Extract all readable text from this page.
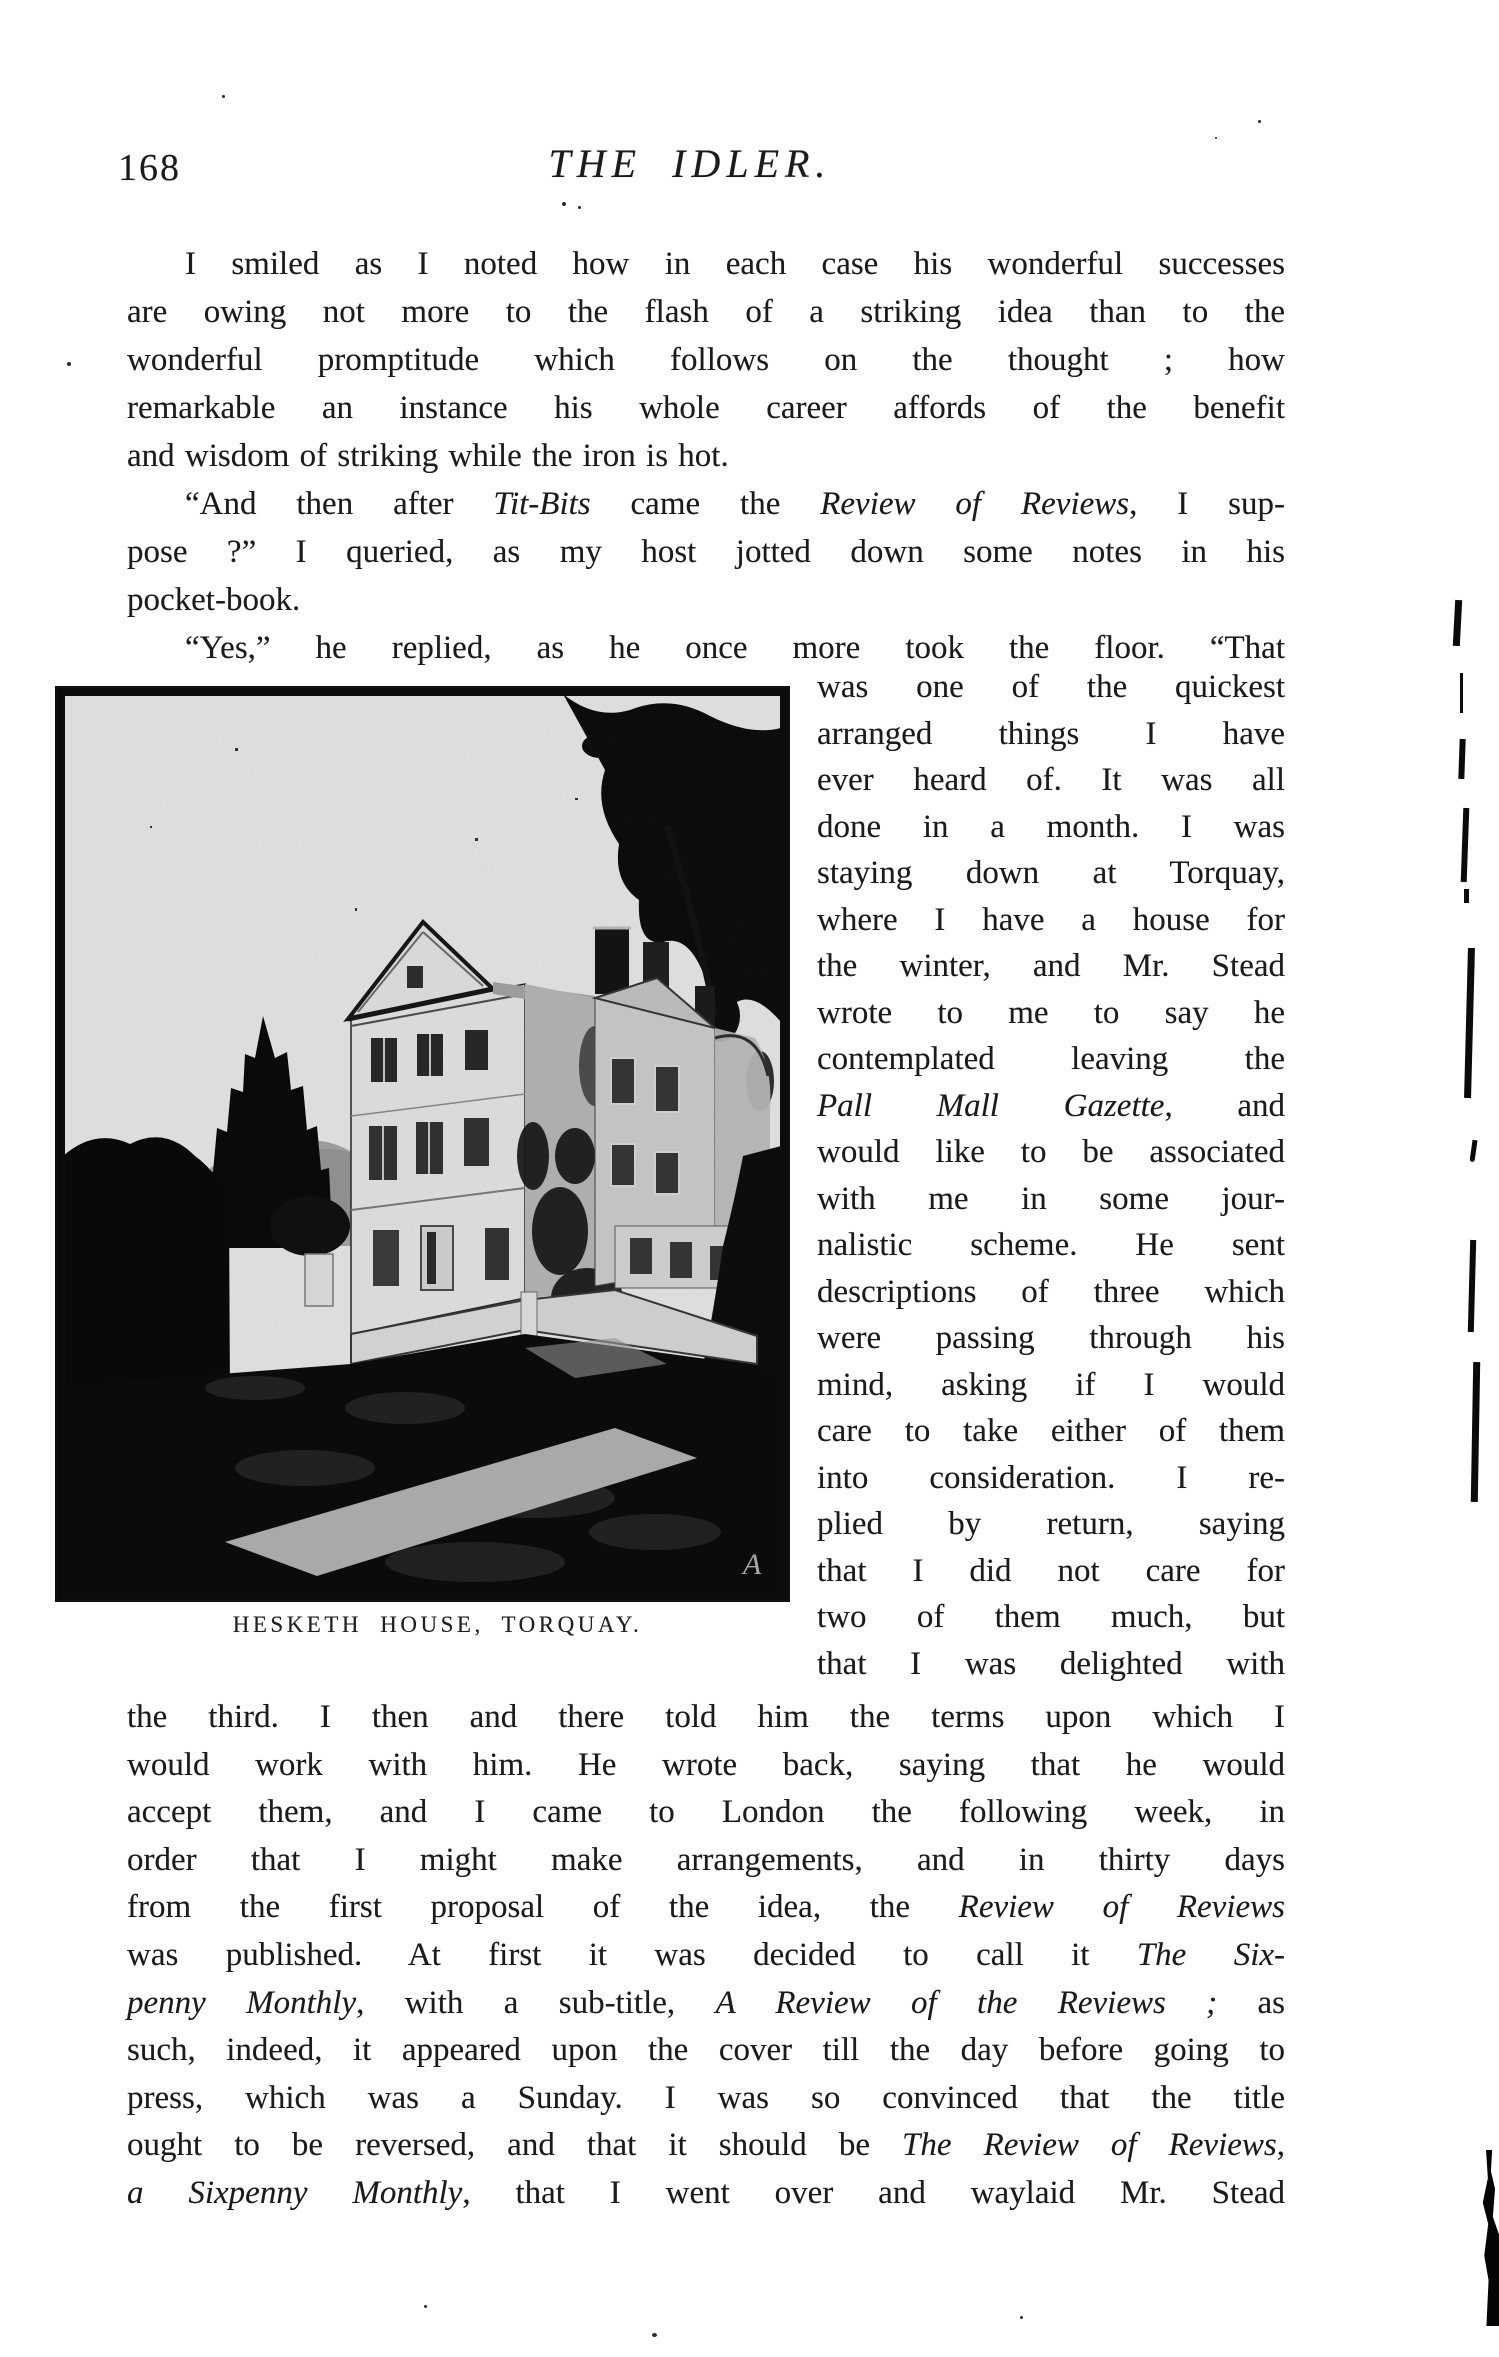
168	THE IDLER.
I smiled as I noted how in each case his wonderful successes
are owing not more to the flash of a striking idea than to the
wonderful promptitude which follows on the thought ; how
remarkable an instance his whole career affords of the benefit
and wisdom of striking while the iron is hot.
“And then after Tit-Bits came the Review of Reviews, I sup-
pose ?” I queried, as my host jotted down some notes in his
pocket-book.
“Yes,” he replied, as he once more took the floor. “That
was one of the quickest
arranged things I have
ever heard of. It was all
done in a month. I was
staying down at Torquay,
where I have a house for
the winter, and Mr. Stead
wrote to me to say he
contemplated leaving the
Pall Mall Gazette, and
would like to be associated
with me in some jour-
nalistic scheme. He sent
descriptions of three which
were passing through his
mind, asking if I would
care to take either of them
into consideration. I re-
plied by return, saying
that I did not care for
two of them much, but
that I was delighted with
the third. I then and there told him the terms upon which I
would work with him. He wrote back, saying that he would
accept them, and I came to London the following week, in
order that I might make arrangements, and in thirty days
from the first proposal of the idea, the Review of Reviews
was published. At first it was decided to call it The Six-
penny Monthly, with a sub-title, A Review of the Reviews ; as
such, indeed, it appeared upon the cover till the day before going to
press, which was a Sunday. I was so convinced that the title
ought to be reversed, and that it should be The Review of Reviews,
a Sixpenny Monthly, that I went over and waylaid Mr. Stead
A
HESKETH HOUSE, TORQUAY.
